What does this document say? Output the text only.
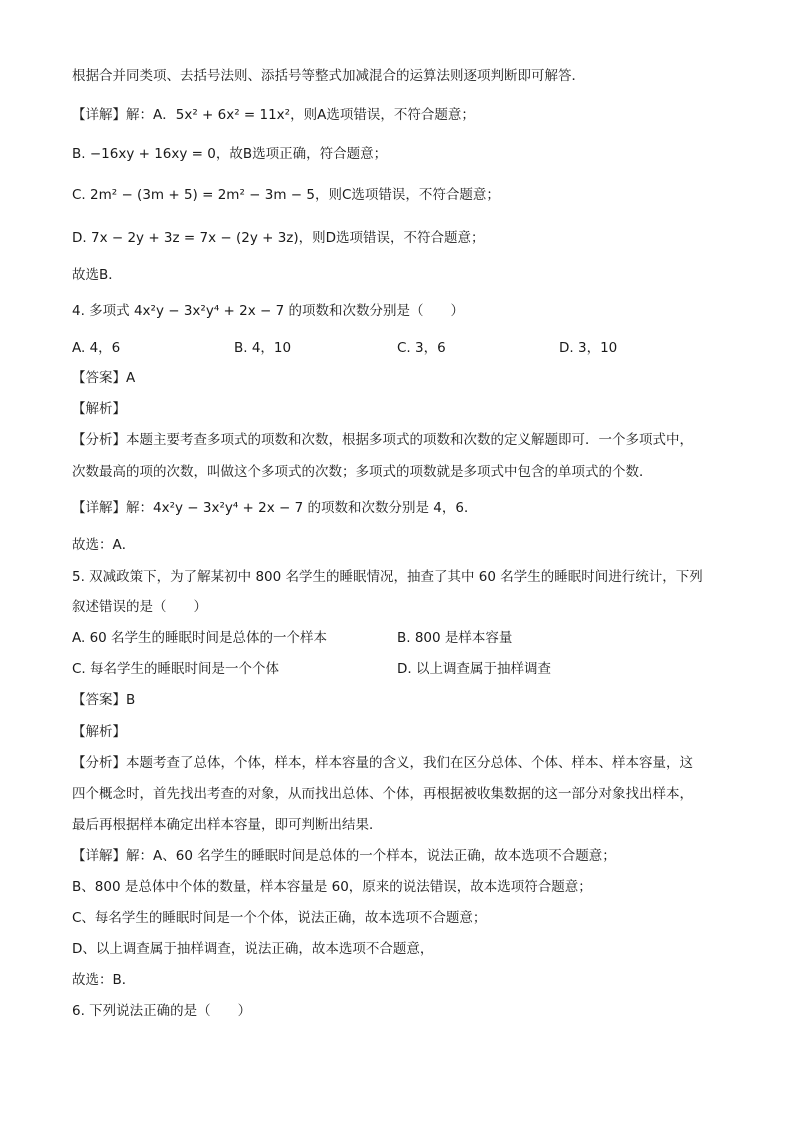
根据合并同类项、去括号法则、添括号等整式加减混合的运算法则逐项判断即可解答．
【详解】解：A．5x² + 6x² = 11x²，则A选项错误，不符合题意；
B. −16xy + 16xy = 0，故B选项正确，符合题意；
C. 2m² − (3m + 5) = 2m² − 3m − 5，则C选项错误，不符合题意；
D. 7x − 2y + 3z = 7x − (2y + 3z)，则D选项错误，不符合题意；
故选B．
4. 多项式 4x²y − 3x²y⁴ + 2x − 7 的项数和次数分别是（　　）
A. 4，6	B. 4，10	C. 3，6	D. 3，10
【答案】A
【解析】
【分析】本题主要考查多项式的项数和次数，根据多项式的项数和次数的定义解题即可．一个多项式中，
次数最高的项的次数，叫做这个多项式的次数；多项式的项数就是多项式中包含的单项式的个数．
【详解】解：4x²y − 3x²y⁴ + 2x − 7 的项数和次数分别是 4，6．
故选：A．
5. 双减政策下，为了解某初中 800 名学生的睡眠情况，抽查了其中 60 名学生的睡眠时间进行统计，下列
叙述错误的是（　　）
A. 60 名学生的睡眠时间是总体的一个样本	B. 800 是样本容量
C. 每名学生的睡眠时间是一个个体	D. 以上调查属于抽样调查
【答案】B
【解析】
【分析】本题考查了总体，个体，样本，样本容量的含义，我们在区分总体、个体、样本、样本容量，这
四个概念时，首先找出考查的对象，从而找出总体、个体，再根据被收集数据的这一部分对象找出样本，
最后再根据样本确定出样本容量，即可判断出结果．
【详解】解：A、60 名学生的睡眠时间是总体的一个样本，说法正确，故本选项不合题意；
B、800 是总体中个体的数量，样本容量是 60，原来的说法错误，故本选项符合题意；
C、每名学生的睡眠时间是一个个体，说法正确，故本选项不合题意；
D、以上调查属于抽样调查，说法正确，故本选项不合题意，
故选：B．
6. 下列说法正确的是（　　）
